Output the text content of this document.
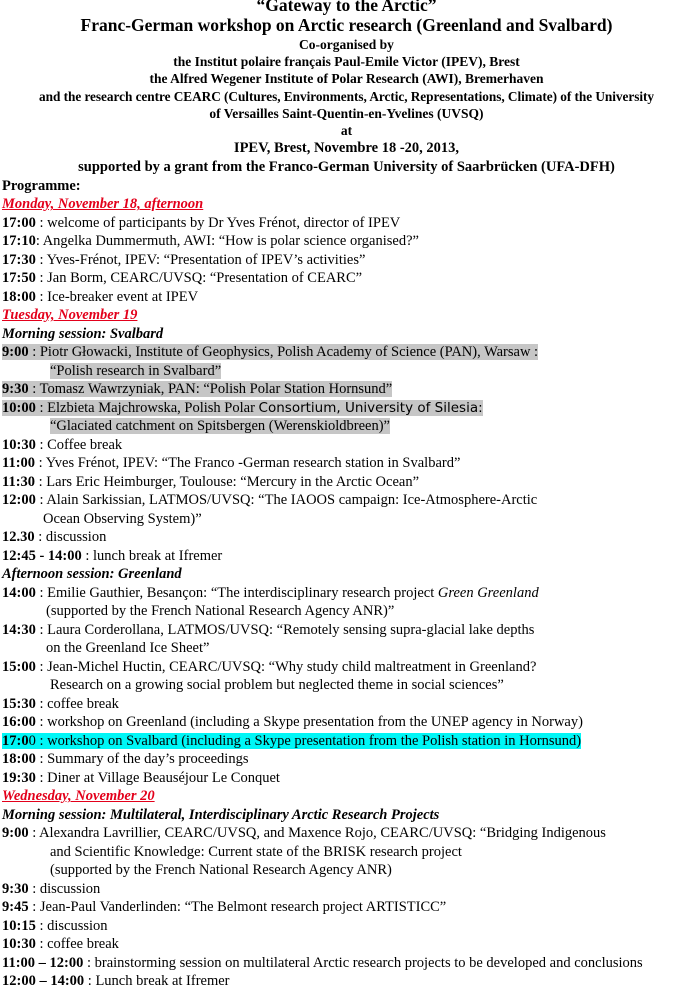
“Gateway to the Arctic”
Franc-German workshop on Arctic research (Greenland and Svalbard)
Co-organised by
the Institut polaire français Paul-Emile Victor (IPEV), Brest
the Alfred Wegener Institute of Polar Research (AWI), Bremerhaven
and the research centre CEARC (Cultures, Environments, Arctic, Representations, Climate) of the University
of Versailles Saint-Quentin-en-Yvelines (UVSQ)
at
IPEV, Brest, Novembre 18 -20, 2013,
supported by a grant from the Franco-German University of Saarbrücken (UFA-DFH)
Programme:
Monday, November 18, afternoon
17:00 : welcome of participants by Dr Yves Frénot, director of IPEV
17:10: Angelka Dummermuth, AWI: “How is polar science organised?”
17:30 : Yves-Frénot, IPEV: “Presentation of IPEV’s activities”
17:50 : Jan Borm, CEARC/UVSQ: “Presentation of CEARC”
18:00 : Ice-breaker event at IPEV
Tuesday, November 19
Morning session: Svalbard
9:00 : Piotr Głowacki, Institute of Geophysics, Polish Academy of Science (PAN), Warsaw :
“Polish research in Svalbard”
9:30 : Tomasz Wawrzyniak, PAN: “Polish Polar Station Hornsund”
10:00 : Elzbieta Majchrowska, Polish Polar Consortium, University of Silesia:
“Glaciated catchment on Spitsbergen (Werenskioldbreen)”
10:30 : Coffee break
11:00 : Yves Frénot, IPEV: “The Franco -German research station in Svalbard”
11:30 : Lars Eric Heimburger, Toulouse: “Mercury in the Arctic Ocean”
12:00 : Alain Sarkissian, LATMOS/UVSQ: “The IAOOS campaign: Ice-Atmosphere-Arctic
Ocean Observing System)”
12.30 : discussion
12:45 - 14:00 : lunch break at Ifremer
Afternoon session: Greenland
14:00 : Emilie Gauthier, Besançon: “The interdisciplinary research project Green Greenland
(supported by the French National Research Agency ANR)”
14:30 : Laura Corderollana, LATMOS/UVSQ: “Remotely sensing supra-glacial lake depths
on the Greenland Ice Sheet”
15:00 : Jean-Michel Huctin, CEARC/UVSQ: “Why study child maltreatment in Greenland?
Research on a growing social problem but neglected theme in social sciences”
15:30 : coffee break
16:00 : workshop on Greenland (including a Skype presentation from the UNEP agency in Norway)
17:00 : workshop on Svalbard (including a Skype presentation from the Polish station in Hornsund)
18:00 : Summary of the day’s proceedings
19:30 : Diner at Village Beauséjour Le Conquet
Wednesday, November 20
Morning session: Multilateral, Interdisciplinary Arctic Research Projects
9:00 : Alexandra Lavrillier, CEARC/UVSQ, and Maxence Rojo, CEARC/UVSQ: “Bridging Indigenous
and Scientific Knowledge: Current state of the BRISK research project
(supported by the French National Research Agency ANR)
9:30 : discussion
9:45 : Jean-Paul Vanderlinden: “The Belmont research project ARTISTICC”
10:15 : discussion
10:30 : coffee break
11:00 – 12:00 : brainstorming session on multilateral Arctic research projects to be developed and conclusions
12:00 – 14:00 : Lunch break at Ifremer
